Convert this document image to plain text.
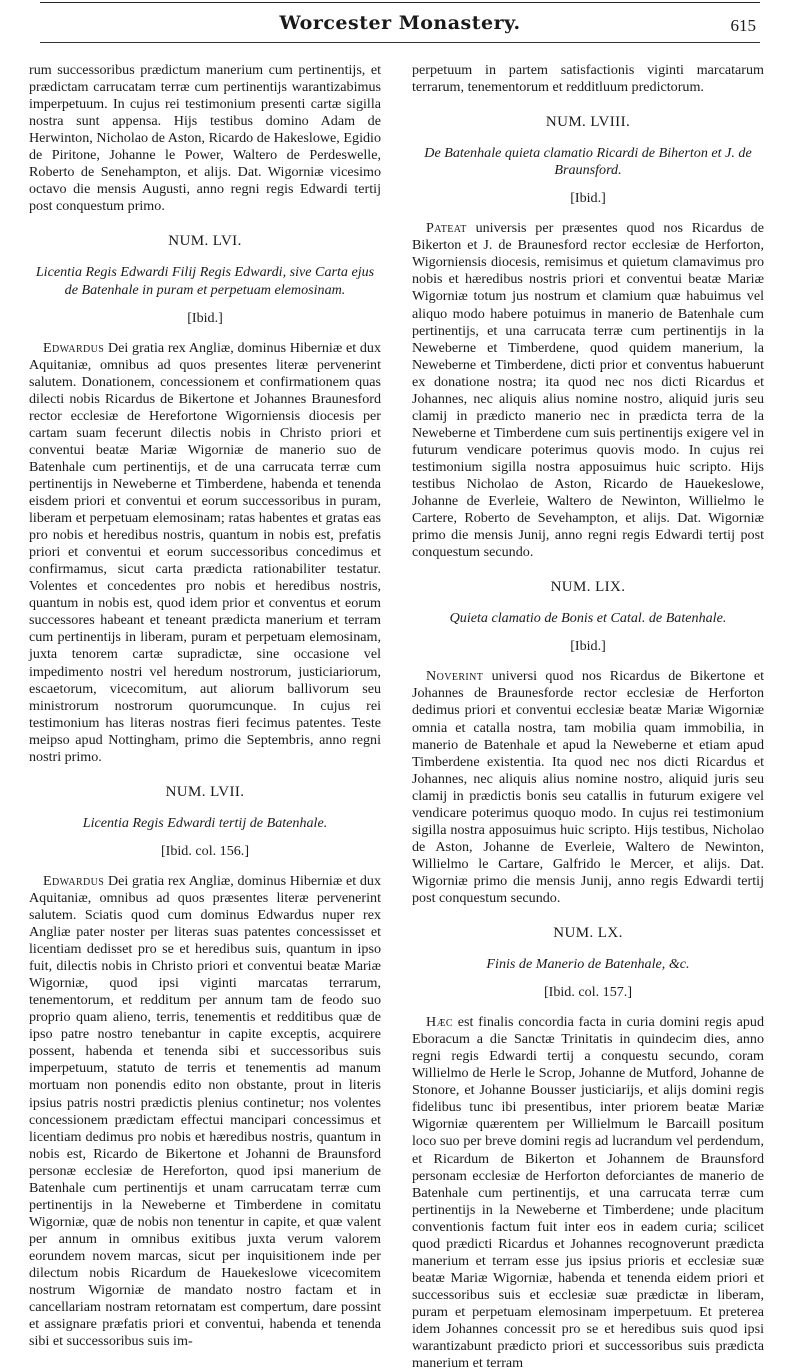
Worcester Monastery.	615

rum successoribus prædictum manerium cum pertinentijs, et prædictam carrucatam terræ cum pertinentijs warantizabimus imperpetuum. In cujus rei testimonium presenti cartæ sigilla nostra sunt appensa. Hijs testibus domino Adam de Herwinton, Nicholao de Aston, Ricardo de Hakeslowe, Egidio de Piritone, Johanne le Power, Waltero de Perdeswelle, Roberto de Senehampton, et alijs. Dat. Wigorniæ vicesimo octavo die mensis Augusti, anno regni regis Edwardi tertij post conquestum primo.

NUM. LVI.
Licentia Regis Edwardi Filij Regis Edwardi, sive Carta ejus de Batenhale in puram et perpetuam elemosinam.
[Ibid.]

Edwardus Dei gratia rex Angliæ, dominus Hiberniæ et dux Aquitaniæ, omnibus ad quos presentes literæ pervenerint salutem. Donationem, concessionem et confirmationem quas dilecti nobis Ricardus de Bikertone et Johannes Braunesford rector ecclesiæ de Herefortone Wigorniensis diocesis per cartam suam fecerunt dilectis nobis in Christo priori et conventui beatæ Mariæ Wigorniæ de manerio suo de Batenhale cum pertinentijs, et de una carrucata terræ cum pertinentijs in Neweberne et Timberdene, habenda et tenenda eisdem priori et conventui et eorum successoribus in puram, liberam et perpetuam elemosinam; ratas habentes et gratas eas pro nobis et heredibus nostris, quantum in nobis est, prefatis priori et conventui et eorum successoribus concedimus et confirmamus, sicut carta prædicta rationabiliter testatur. Volentes et concedentes pro nobis et heredibus nostris, quantum in nobis est, quod idem prior et conventus et eorum successores habeant et teneant prædicta manerium et terram cum pertinentijs in liberam, puram et perpetuam elemosinam, juxta tenorem cartæ supradictæ, sine occasione vel impedimento nostri vel heredum nostrorum, justiciariorum, escaetorum, vicecomitum, aut aliorum ballivorum seu ministrorum nostrorum quorumcunque. In cujus rei testimonium has literas nostras fieri fecimus patentes. Teste meipso apud Nottingham, primo die Septembris, anno regni nostri primo.

NUM. LVII.
Licentia Regis Edwardi tertij de Batenhale.
[Ibid. col. 156.]

Edwardus Dei gratia rex Angliæ, dominus Hiberniæ et dux Aquitaniæ, omnibus ad quos præsentes literæ pervenerint salutem. Sciatis quod cum dominus Edwardus nuper rex Angliæ pater noster per literas suas patentes concessisset et licentiam dedisset pro se et heredibus suis, quantum in ipso fuit, dilectis nobis in Christo priori et conventui beatæ Mariæ Wigorniæ, quod ipsi viginti marcatas terrarum, tenementorum, et redditum per annum tam de feodo suo proprio quam alieno, terris, tenementis et redditibus quæ de ipso patre nostro tenebantur in capite exceptis, acquirere possent, habenda et tenenda sibi et successoribus suis imperpetuum, statuto de terris et tenementis ad manum mortuam non ponendis edito non obstante, prout in literis ipsius patris nostri prædictis plenius continetur; nos volentes concessionem prædictam effectui mancipari concessimus et licentiam dedimus pro nobis et hæredibus nostris, quantum in nobis est, Ricardo de Bikertone et Johanni de Braunsford personæ ecclesiæ de Hereforton, quod ipsi manerium de Batenhale cum pertinentijs et unam carrucatam terræ cum pertinentijs in la Neweberne et Timberdene in comitatu Wigorniæ, quæ de nobis non tenentur in capite, et quæ valent per annum in omnibus exitibus juxta verum valorem eorundem novem marcas, sicut per inquisitionem inde per dilectum nobis Ricardum de Hauekeslowe vicecomitem nostrum Wigorniæ de mandato nostro factam et in cancellariam nostram retornatam est compertum, dare possint et assignare præfatis priori et conventui, habenda et tenenda sibi et successoribus suis im-

perpetuum in partem satisfactionis viginti marcatarum terrarum, tenementorum et redditluum predictorum.

NUM. LVIII.
De Batenhale quieta clamatio Ricardi de Biherton et J. de Braunsford.
[Ibid.]

Pateat universis per præsentes quod nos Ricardus de Bikerton et J. de Braunesford rector ecclesiæ de Herforton, Wigorniensis diocesis, remisimus et quietum clamavimus pro nobis et hæredibus nostris priori et conventui beatæ Mariæ Wigorniæ totum jus nostrum et clamium quæ habuimus vel aliquo modo habere potuimus in manerio de Batenhale cum pertinentijs, et una carrucata terræ cum pertinentijs in la Neweberne et Timberdene, quod quidem manerium, la Neweberne et Timberdene, dicti prior et conventus habuerunt ex donatione nostra; ita quod nec nos dicti Ricardus et Johannes, nec aliquis alius nomine nostro, aliquid juris seu clamij in prædicto manerio nec in prædicta terra de la Neweberne et Timberdene cum suis pertinentijs exigere vel in futurum vendicare poterimus quovis modo. In cujus rei testimonium sigilla nostra apposuimus huic scripto. Hijs testibus Nicholao de Aston, Ricardo de Hauekeslowe, Johanne de Everleie, Waltero de Newinton, Willielmo le Cartere, Roberto de Sevehampton, et alijs. Dat. Wigorniæ primo die mensis Junij, anno regni regis Edwardi tertij post conquestum secundo.

NUM. LIX.
Quieta clamatio de Bonis et Catal. de Batenhale.
[Ibid.]

Noverint universi quod nos Ricardus de Bikertone et Johannes de Braunesforde rector ecclesiæ de Herforton dedimus priori et conventui ecclesiæ beatæ Mariæ Wigorniæ omnia et catalla nostra, tam mobilia quam immobilia, in manerio de Batenhale et apud la Neweberne et etiam apud Timberdene existentia. Ita quod nec nos dicti Ricardus et Johannes, nec aliquis alius nomine nostro, aliquid juris seu clamij in prædictis bonis seu catallis in futurum exigere vel vendicare poterimus quoquo modo. In cujus rei testimonium sigilla nostra apposuimus huic scripto. Hijs testibus, Nicholao de Aston, Johanne de Everleie, Waltero de Newinton, Willielmo le Cartare, Galfrido le Mercer, et alijs. Dat. Wigorniæ primo die mensis Junij, anno regis Edwardi tertij post conquestum secundo.

NUM. LX.
Finis de Manerio de Batenhale, &c.
[Ibid. col. 157.]

Hæc est finalis concordia facta in curia domini regis apud Eboracum a die Sanctæ Trinitatis in quindecim dies, anno regni regis Edwardi tertij a conquestu secundo, coram Willielmo de Herle le Scrop, Johanne de Mutford, Johanne de Stonore, et Johanne Bousser justiciarijs, et alijs domini regis fidelibus tunc ibi presentibus, inter priorem beatæ Mariæ Wigorniæ quærentem per Willielmum le Barcaill positum loco suo per breve domini regis ad lucrandum vel perdendum, et Ricardum de Bikerton et Johannem de Braunsford personam ecclesiæ de Herforton deforciantes de manerio de Batenhale cum pertinentijs, et una carrucata terræ cum pertinentijs in la Neweberne et Timberdene; unde placitum conventionis factum fuit inter eos in eadem curia; scilicet quod prædicti Ricardus et Johannes recognoverunt prædicta manerium et terram esse jus ipsius prioris et ecclesiæ suæ beatæ Mariæ Wigorniæ, habenda et tenenda eidem priori et successoribus suis et ecclesiæ suæ prædictæ in liberam, puram et perpetuam elemosinam imperpetuum. Et preterea idem Johannes concessit pro se et heredibus suis quod ipsi warantizabunt prædicto priori et successoribus suis prædicta manerium et terram
